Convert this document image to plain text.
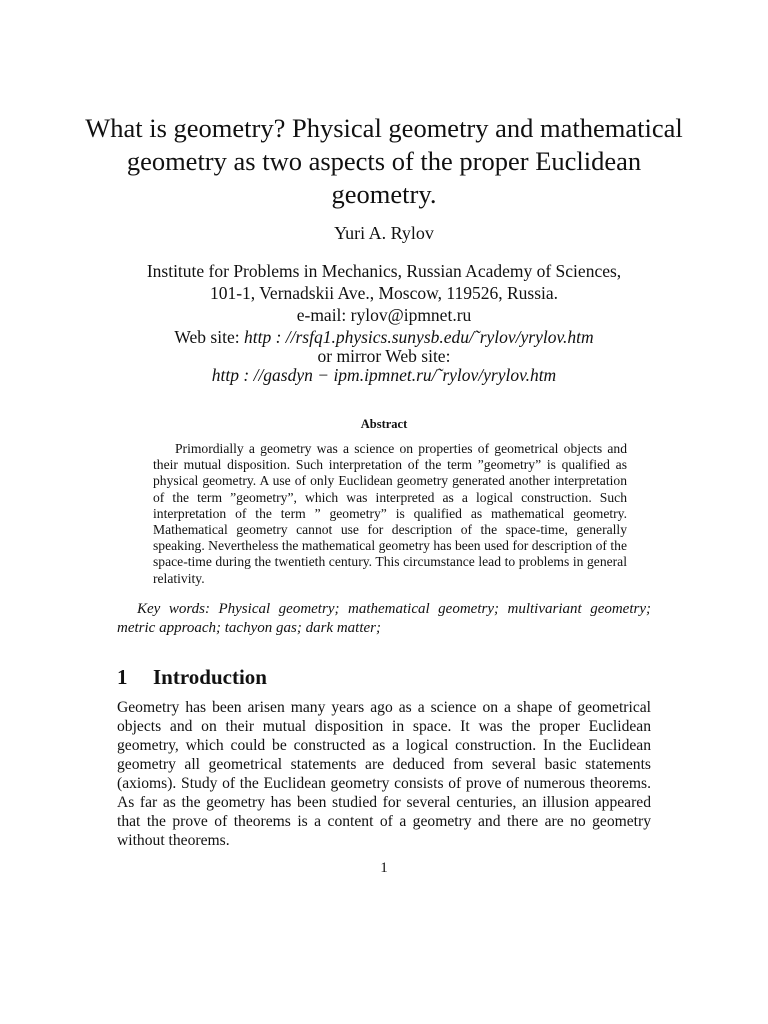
What is geometry? Physical geometry and mathematical geometry as two aspects of the proper Euclidean geometry.
Yuri A. Rylov
Institute for Problems in Mechanics, Russian Academy of Sciences,
101-1, Vernadskii Ave., Moscow, 119526, Russia.
e-mail: rylov@ipmnet.ru
Web site: http : //rsfq1.physics.sunysb.edu/˜rylov/yrylov.htm
or mirror Web site:
http : //gasdyn − ipm.ipmnet.ru/˜rylov/yrylov.htm
Abstract

Primordially a geometry was a science on properties of geometrical objects and their mutual disposition. Such interpretation of the term ”geometry” is qualified as physical geometry. A use of only Euclidean geometry generated another interpretation of the term ”geometry”, which was interpreted as a logical construction. Such interpretation of the term ” geometry” is qualified as mathematical geometry. Mathematical geometry cannot use for description of the space-time, generally speaking. Nevertheless the mathematical geometry has been used for description of the space-time during the twentieth century. This circumstance lead to problems in general relativity.

Key words: Physical geometry; mathematical geometry; multivariant geometry; metric approach; tachyon gas; dark matter;

1 Introduction

Geometry has been arisen many years ago as a science on a shape of geometrical objects and on their mutual disposition in space. It was the proper Euclidean geometry, which could be constructed as a logical construction. In the Euclidean geometry all geometrical statements are deduced from several basic statements (axioms). Study of the Euclidean geometry consists of prove of numerous theorems. As far as the geometry has been studied for several centuries, an illusion appeared that the prove of theorems is a content of a geometry and there are no geometry without theorems.

1
